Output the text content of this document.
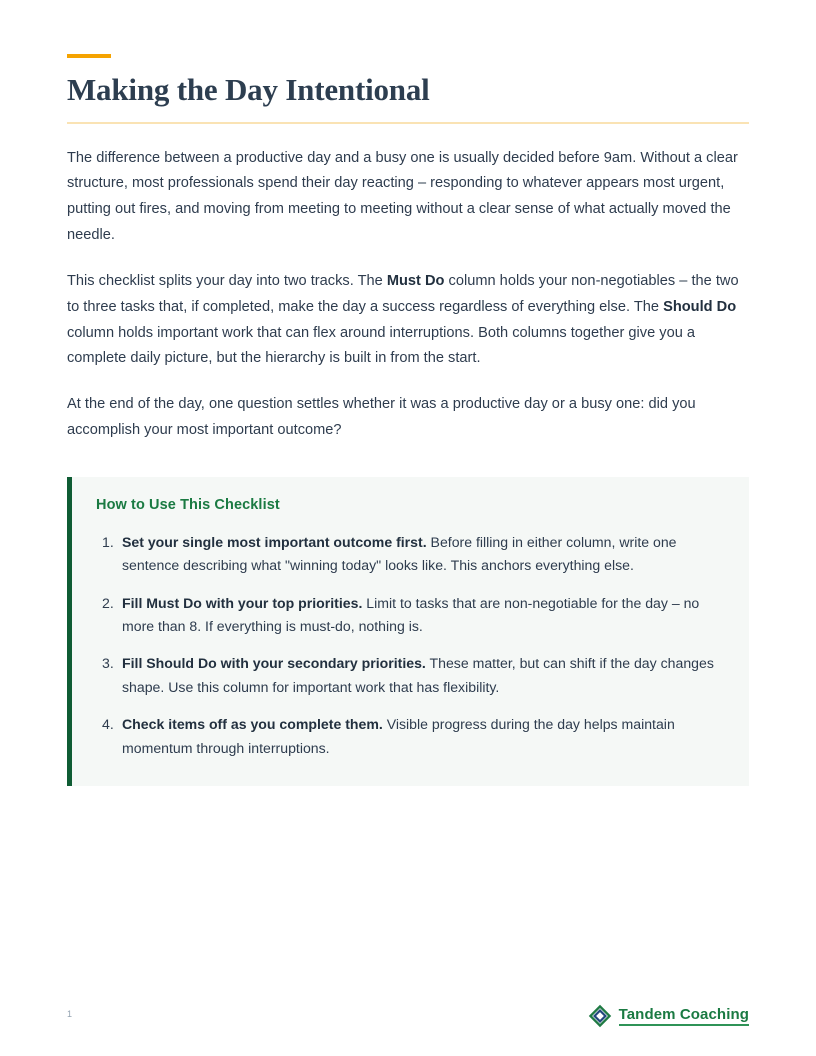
Making the Day Intentional

The difference between a productive day and a busy one is usually decided before 9am. Without a clear structure, most professionals spend their day reacting – responding to whatever appears most urgent, putting out fires, and moving from meeting to meeting without a clear sense of what actually moved the needle.

This checklist splits your day into two tracks. The Must Do column holds your non-negotiables – the two to three tasks that, if completed, make the day a success regardless of everything else. The Should Do column holds important work that can flex around interruptions. Both columns together give you a complete daily picture, but the hierarchy is built in from the start.

At the end of the day, one question settles whether it was a productive day or a busy one: did you accomplish your most important outcome?

How to Use This Checklist
Set your single most important outcome first. Before filling in either column, write one sentence describing what "winning today" looks like. This anchors everything else.
Fill Must Do with your top priorities. Limit to tasks that are non-negotiable for the day – no more than 8. If everything is must-do, nothing is.
Fill Should Do with your secondary priorities. These matter, but can shift if the day changes shape. Use this column for important work that has flexibility.
Check items off as you complete them. Visible progress during the day helps maintain momentum through interruptions.
1	Tandem Coaching
